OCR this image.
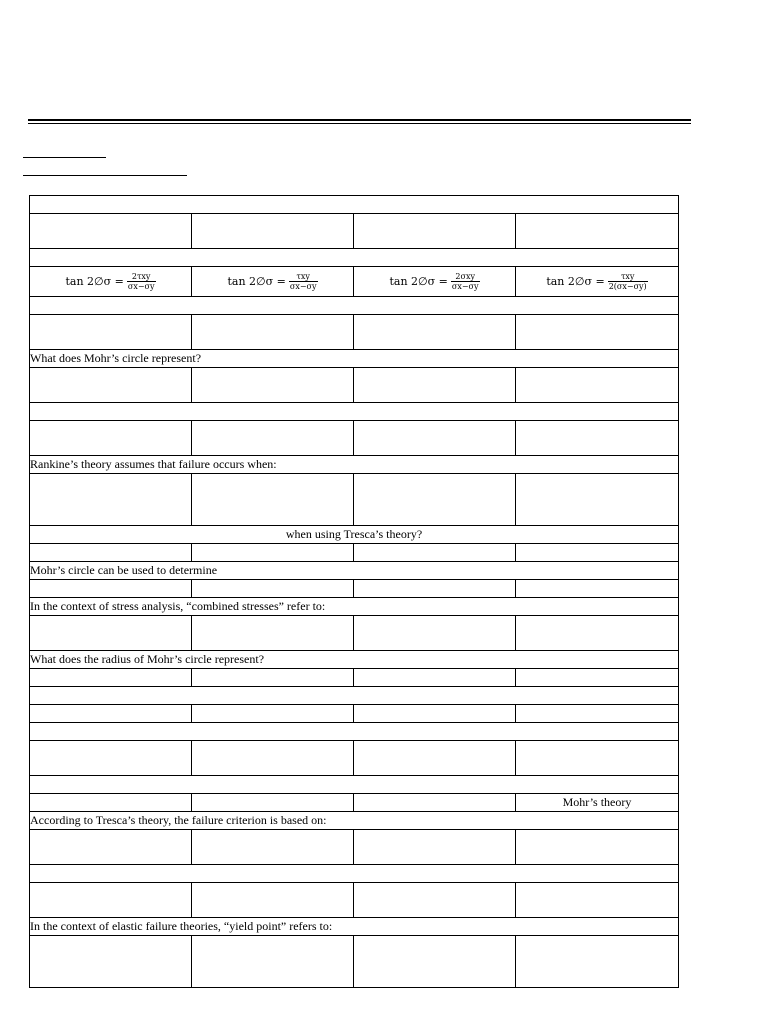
tan 2∅σ = $\frac{\text{2τxy}}{\sigma x-\sigma y}$	tan 2∅σ = $\frac{\text{τxy}}{\sigma x-\sigma y}$	tan 2∅σ = $\frac{\text{2σxy}}{\sigma x-\sigma y}$	tan 2∅σ = $\frac{\text{τxy}}{2(\sigma x-\sigma y)}$

What does Mohr’s circle represent?			

Rankine’s theory assumes that failure occurs when:			

when using Tresca’s theory?			

Mohr’s circle can be used to determine			

In the context of stress analysis, “combined stresses” refer to:			

What does the radius of Mohr’s circle represent?			

			Mohr’s theory
According to Tresca’s theory, the failure criterion is based on:			

In the context of elastic failure theories, “yield point” refers to:			
